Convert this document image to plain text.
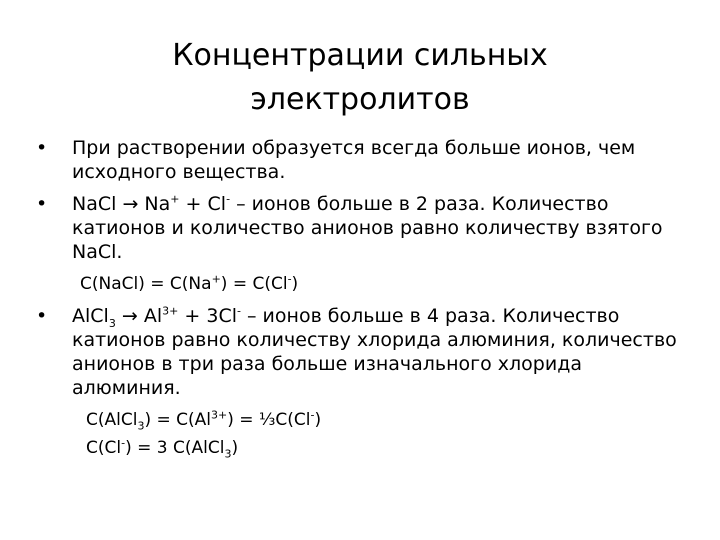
Концентрации сильных
электролитов
•	При растворении образуется всегда больше ионов, чем исходного вещества.
•	NaCl → Na+ + Cl- – ионов больше в 2 раза. Количество катионов и количество анионов равно количеству взятого NaCl.
C(NaCl) = C(Na+) = C(Cl-)
•	AlCl$_3$ → $Al^{3+} + 3Cl^-$ – ионов больше в 4 раза. Количество катионов равно количеству хлорида алюминия, количество анионов в три раза больше изначального хлорида алюминия.
C(AlCl$_3$) = $C(Al^{3+})$ = ⅓C(Cl-)
C(Cl-) = 3 C(AlCl$_3$)
